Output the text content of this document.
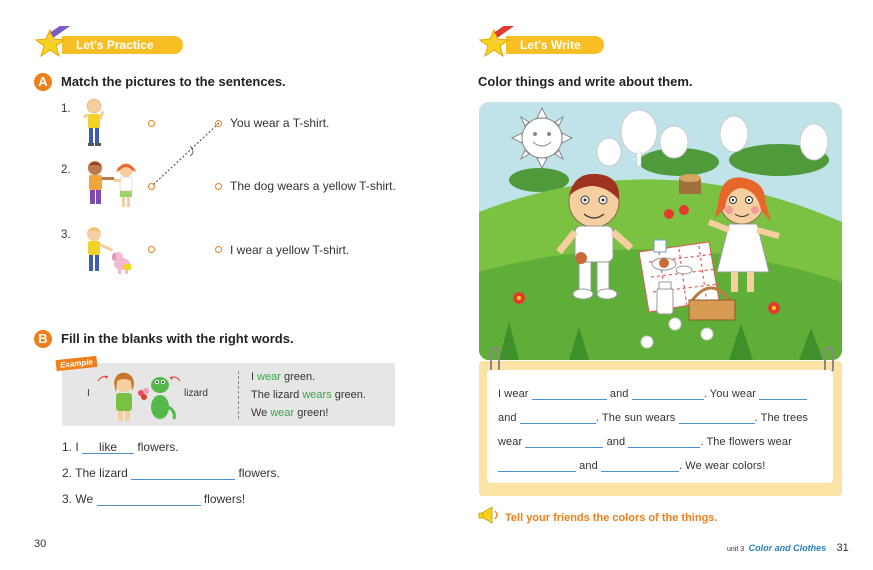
Let's Practice
A	Match the pictures to the sentences.
1.
2.
3.
You wear a T-shirt.
The dog wears a yellow T-shirt.
I wear a yellow T-shirt.
B	Fill in the blanks with the right words.
Example
I	lizard
I wear green.
The lizard wears green.
We wear green!
1. I like flowers.
2. The lizard	flowers.
3. We	flowers!
30
Let's Write
Color things and write about them.
I wear	and	. You wear
and	. The sun wears	. The trees
wear	and	. The flowers wear
and	. We wear colors!
Tell your friends the colors of the things.
unit 3 Color and Clothes 31
